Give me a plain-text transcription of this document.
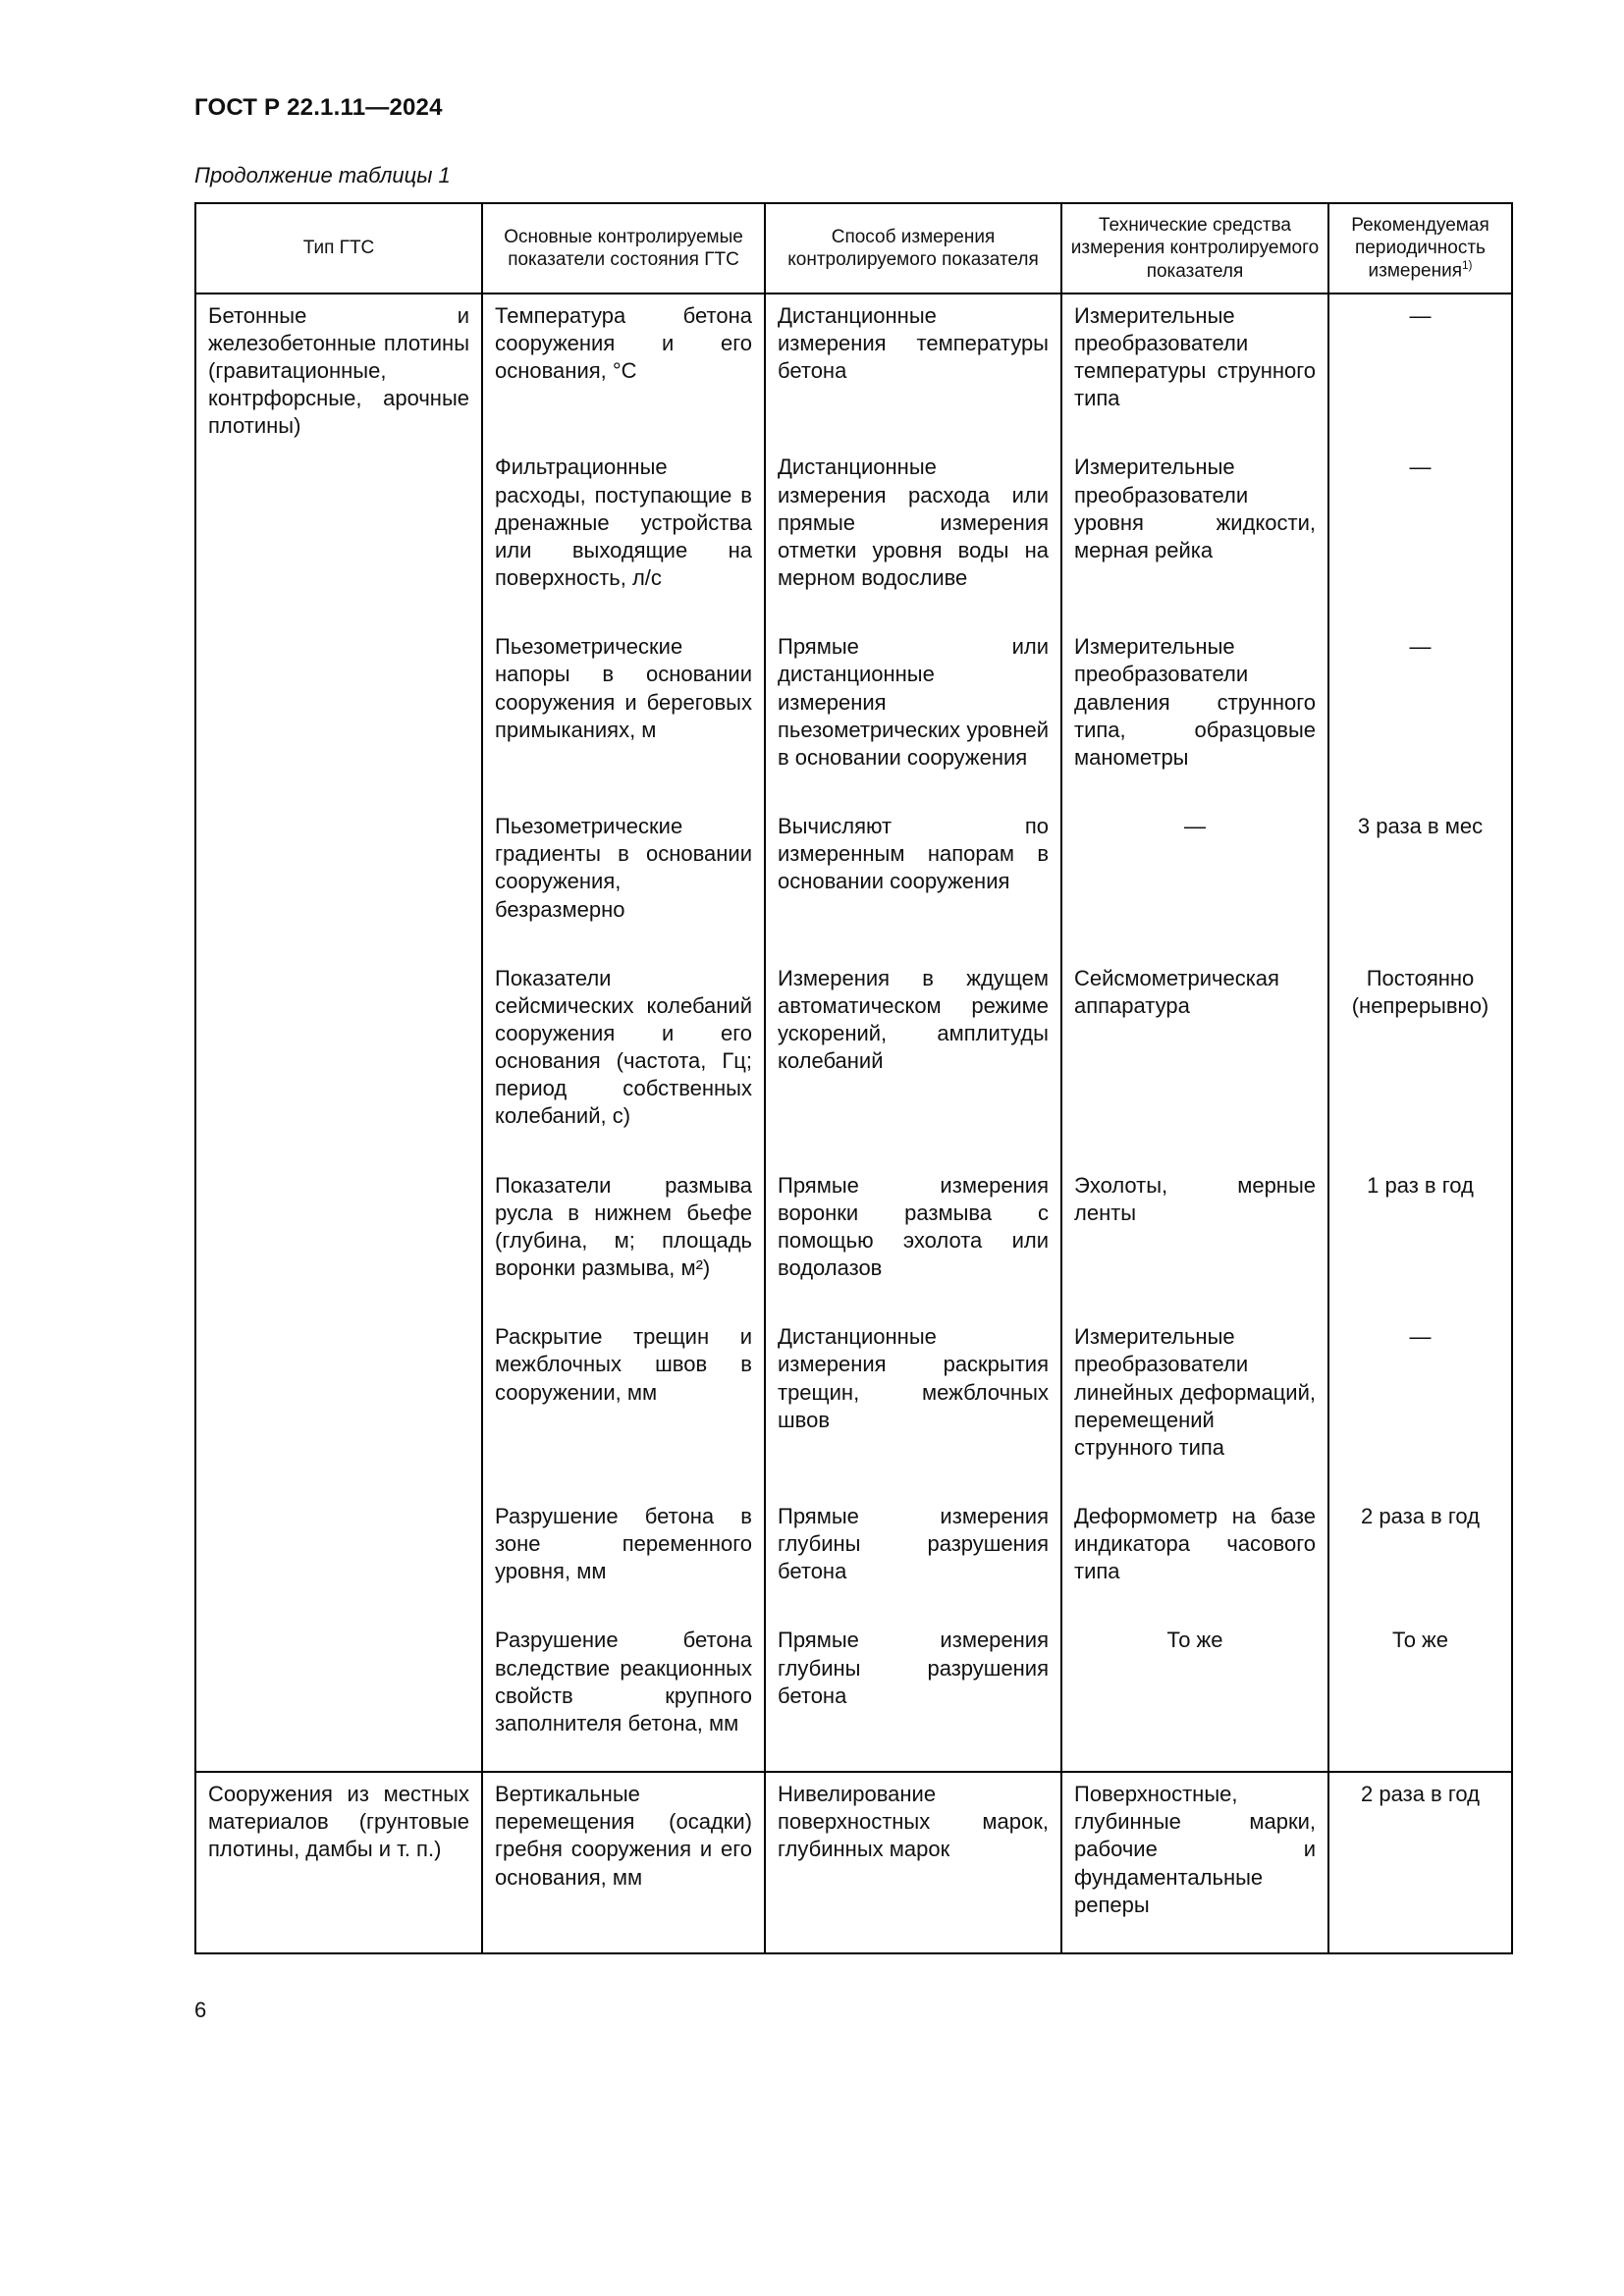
ГОСТ Р 22.1.11—2024
Продолжение таблицы 1
Тип ГТС	Основные контролируемые показатели состояния ГТС	Способ измерения контролируемого показателя	Технические средства измерения контролируемого показателя	Рекомендуемая периодичность измерения$^{1)}$
Бетонные и железобетонные плотины (гравитационные, контрфорсные, арочные плотины)	Температура бетона сооружения и его основания, °С	Дистанционные измерения температуры бетона	Измерительные преобразователи температуры струнного типа	—
	Фильтрационные расходы, поступающие в дренажные устройства или выходящие на поверхность, л/с	Дистанционные измерения расхода или прямые измерения отметки уровня воды на мерном водосливе	Измерительные преобразователи уровня жидкости, мерная рейка	—
	Пьезометрические напоры в основании сооружения и береговых примыканиях, м	Прямые или дистанционные измерения пьезометрических уровней в основании сооружения	Измерительные преобразователи давления струнного типа, образцовые манометры	—
	Пьезометрические градиенты в основании сооружения, безразмерно	Вычисляют по измеренным напорам в основании сооружения	—	3 раза в мес
	Показатели сейсмических колебаний сооружения и его основания (частота, Гц; период собственных колебаний, с)	Измерения в ждущем автоматическом режиме ускорений, амплитуды колебаний	Сейсмометрическая аппаратура	Постоянно (непрерывно)
	Показатели размыва русла в нижнем бьефе (глубина, м; площадь воронки размыва, м²)	Прямые измерения воронки размыва с помощью эхолота или водолазов	Эхолоты, мерные ленты	1 раз в год
	Раскрытие трещин и межблочных швов в сооружении, мм	Дистанционные измерения раскрытия трещин, межблочных швов	Измерительные преобразователи линейных деформаций, перемещений струнного типа	—
	Разрушение бетона в зоне переменного уровня, мм	Прямые измерения глубины разрушения бетона	Деформометр на базе индикатора часового типа	2 раза в год
	Разрушение бетона вследствие реакционных свойств крупного заполнителя бетона, мм	Прямые измерения глубины разрушения бетона	То же	То же
Сооружения из местных материалов (грунтовые плотины, дамбы и т. п.)	Вертикальные перемещения (осадки) гребня сооружения и его основания, мм	Нивелирование поверхностных марок, глубинных марок	Поверхностные, глубинные марки, рабочие и фундаментальные реперы	2 раза в год
6
